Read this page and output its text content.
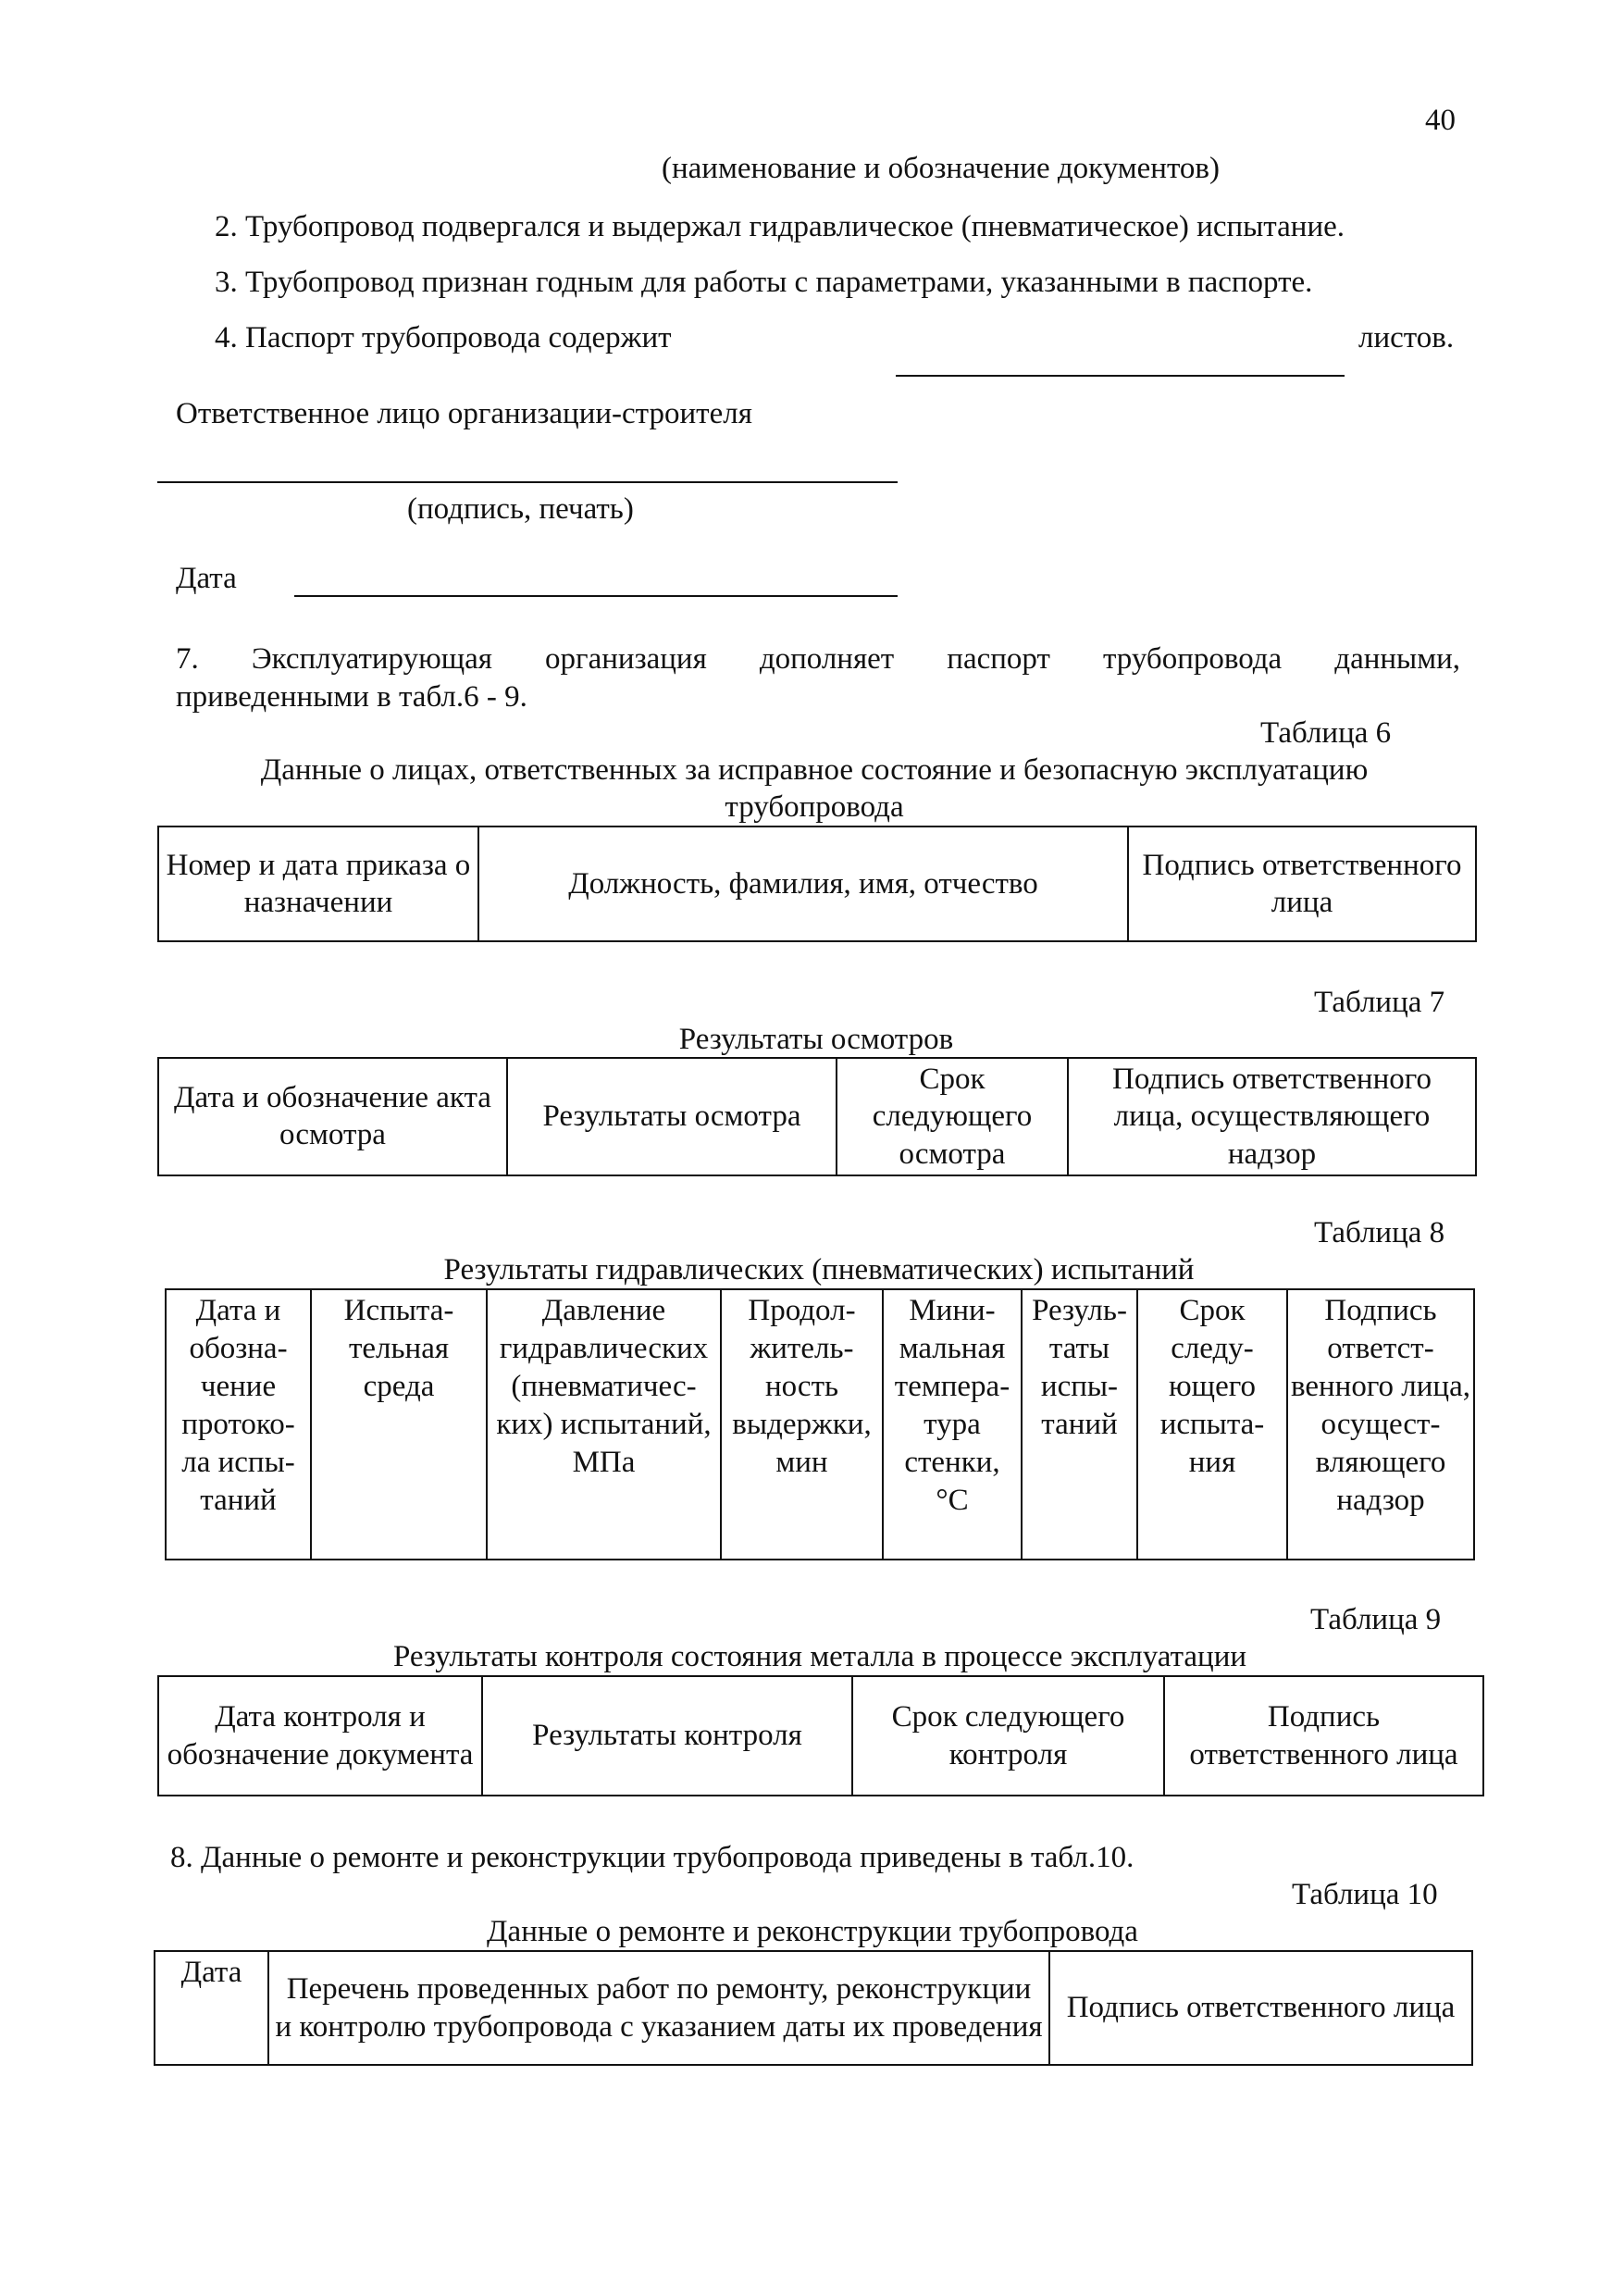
40

(наименование и обозначение документов)

2. Трубопровод подвергался и выдержал гидравлическое (пневматическое) испытание.

3. Трубопровод признан годным для работы с параметрами, указанными в паспорте.

4. Паспорт трубопровода содержит	листов.

Ответственное лицо организации-строителя

(подпись, печать)

Дата

7. Эксплуатирующая организация дополняет паспорт трубопровода данными,

приведенными в табл.6 - 9.

Таблица 6

Данные о лицах, ответственных за исправное состояние и безопасную эксплуатацию

трубопровода

Номер и дата приказа о назначении	Должность, фамилия, имя, отчество	Подпись ответственного лица

Таблица 7

Результаты осмотров

Дата и обозначение акта осмотра	Результаты осмотра	Срок следующего осмотра	Подпись ответственного лица, осуществляющего надзор

Таблица 8

Результаты гидравлических (пневматических) испытаний

Дата и обозна-чение протоко-ла испы-таний	Испыта-тельная среда	Давление гидравлических (пневматичес-ких) испытаний, МПа	Продол-житель-ность выдержки, мин	Мини-мальная темпера-тура стенки, °С	Резуль-таты испы-таний	Срок следу-ющего испыта-ния	Подпись ответст-венного лица, осущест-вляющего надзор

Таблица 9

Результаты контроля состояния металла в процессе эксплуатации

Дата контроля и обозначение документа	Результаты контроля	Срок следующего контроля	Подпись ответственного лица

8. Данные о ремонте и реконструкции трубопровода приведены в табл.10.

Таблица 10

Данные о ремонте и реконструкции трубопровода

Дата	Перечень проведенных работ по ремонту, реконструкции и контролю трубопровода с указанием даты их проведения	Подпись ответственного лица
